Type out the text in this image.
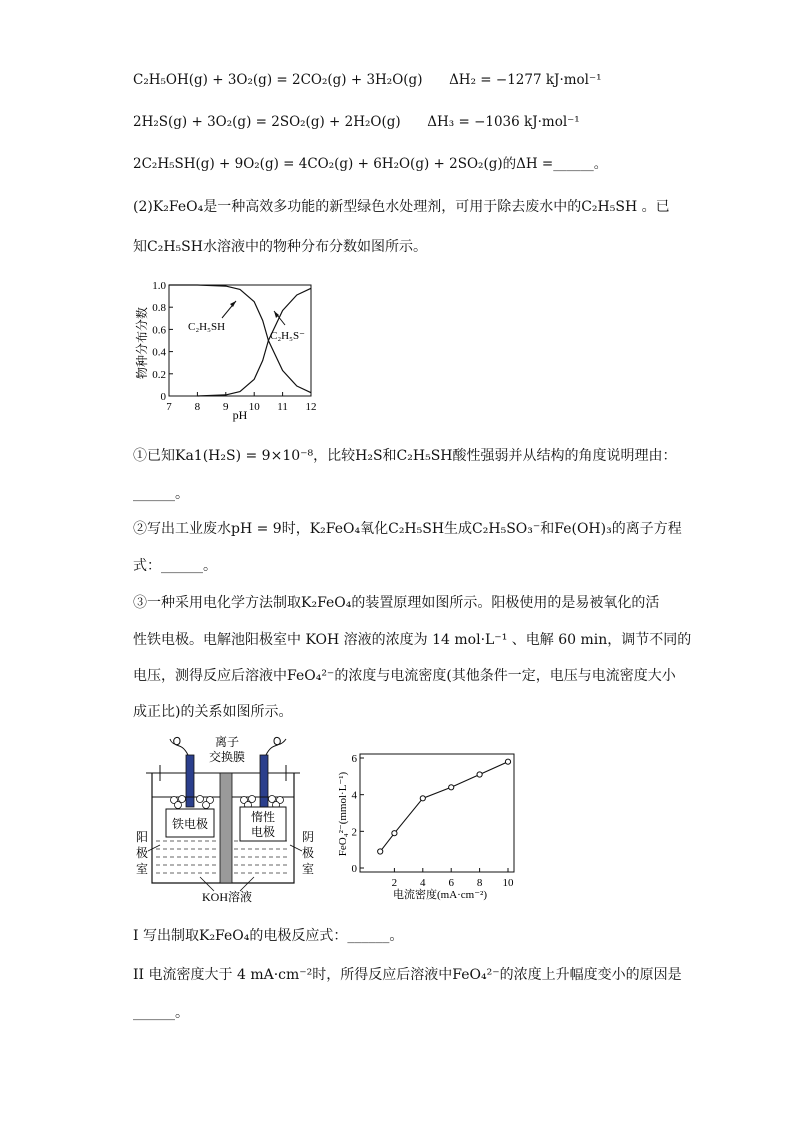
C₂H₅OH(g) + 3O₂(g) = 2CO₂(g) + 3H₂O(g) ΔH₂ = −1277 kJ·mol⁻¹
2H₂S(g) + 3O₂(g) = 2SO₂(g) + 2H₂O(g) ΔH₃ = −1036 kJ·mol⁻¹
2C₂H₅SH(g) + 9O₂(g) = 4CO₂(g) + 6H₂O(g) + 2SO₂(g)的ΔH =______。
(2)K₂FeO₄是一种高效多功能的新型绿色水处理剂，可用于除去废水中的C₂H₅SH 。已
知C₂H₅SH水溶液中的物种分布分数如图所示。
物种分布分数
0
0.2
0.4
0.6
0.8
1.0
7 8 9 10 11 12
pH
C₂H₅SH
C₂H₅S⁻
①已知Ka1(H₂S) = 9×10⁻⁸，比较H₂S和C₂H₅SH酸性强弱并从结构的角度说明理由：
______。
②写出工业废水pH = 9时，K₂FeO₄氧化C₂H₅SH生成C₂H₅SO₃⁻和Fe(OH)₃的离子方程
式：______。
③一种采用电化学方法制取K₂FeO₄的装置原理如图所示。阳极使用的是易被氧化的活
性铁电极。电解池阳极室中 KOH 溶液的浓度为 14 mol·L⁻¹ 、电解 60 min，调节不同的
电压，测得反应后溶液中FeO₄²⁻的浓度与电流密度(其他条件一定，电压与电流密度大小
成正比)的关系如图所示。
离子
交换膜
铁电极	惰性
电极
阳
极
室
阴
极
室
KOH溶液
FeO₄²⁻(mmol·L⁻¹)
0
2
4
6
2 4 6 8 10
电流密度(mA·cm⁻²)
I 写出制取K₂FeO₄的电极反应式：______。
II 电流密度大于 4 mA·cm⁻²时，所得反应后溶液中FeO₄²⁻的浓度上升幅度变小的原因是
______。
